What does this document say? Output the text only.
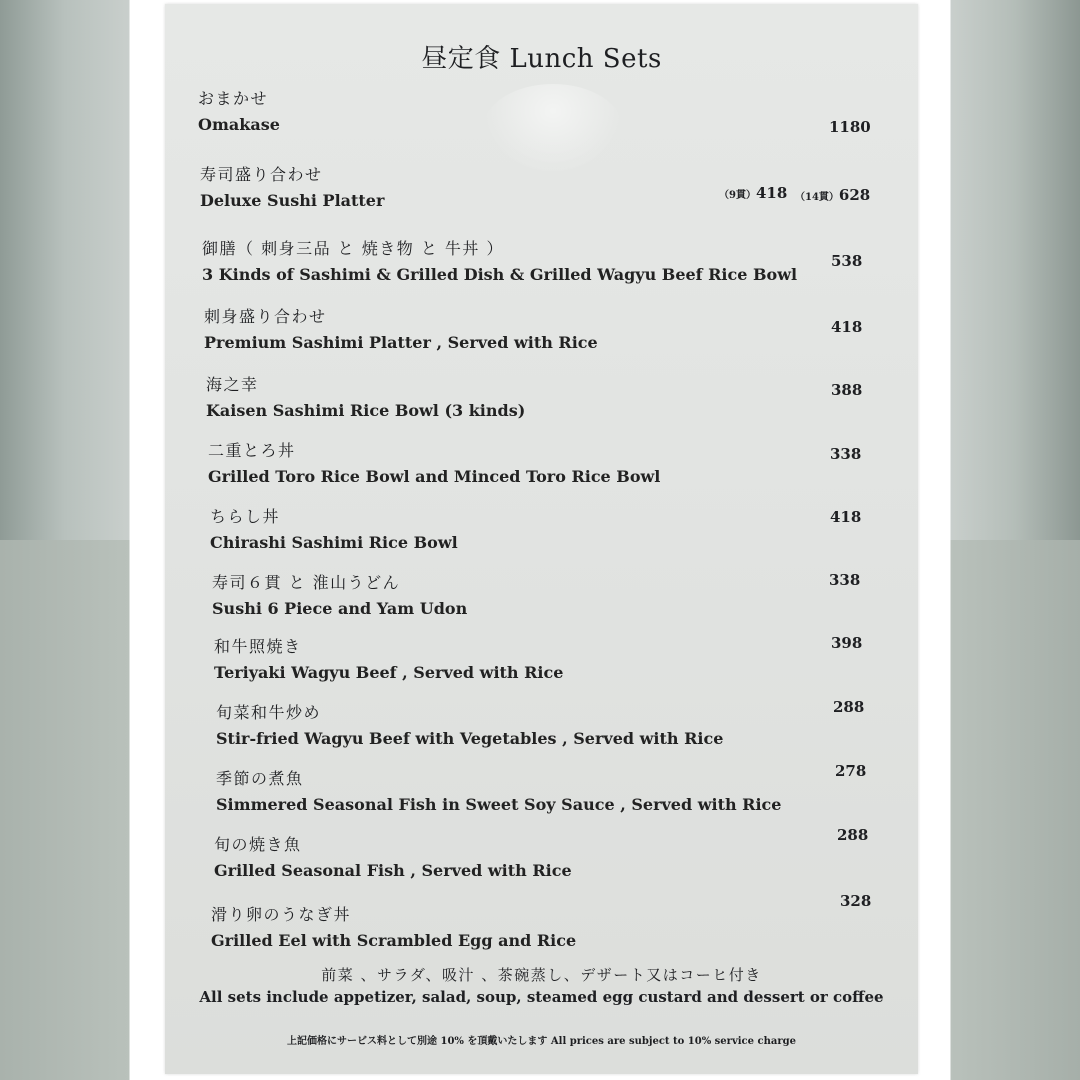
昼定食 Lunch Sets
おまかせ
Omakase	1180
寿司盛り合わせ
Deluxe Sushi Platter	（9貫）418 （14貫）628
御膳（ 刺身三品 と 焼き物 と 牛丼 ）
3 Kinds of Sashimi & Grilled Dish & Grilled Wagyu Beef Rice Bowl
538
刺身盛り合わせ
Premium Sashimi Platter , Served with Rice
418
海之幸
Kaisen Sashimi Rice Bowl (3 kinds)
388
二重とろ丼
Grilled Toro Rice Bowl and Minced Toro Rice Bowl
338
ちらし丼
Chirashi Sashimi Rice Bowl
418
寿司６貫 と 淮山うどん
Sushi 6 Piece and Yam Udon
338
和牛照焼き
Teriyaki Wagyu Beef , Served with Rice
398
旬菜和牛炒め
Stir-fried Wagyu Beef with Vegetables , Served with Rice
288
季節の煮魚
Simmered Seasonal Fish in Sweet Soy Sauce , Served with Rice
278
旬の焼き魚
Grilled Seasonal Fish , Served with Rice
288
滑り卵のうなぎ丼
Grilled Eel with Scrambled Egg and Rice
328
前菜 、サラダ、吸汁 、茶碗蒸し、デザート又はコーヒ付き
All sets include appetizer, salad, soup, steamed egg custard and dessert or coffee
上記価格にサービス料として別途 10% を頂戴いたします All prices are subject to 10% service charge
